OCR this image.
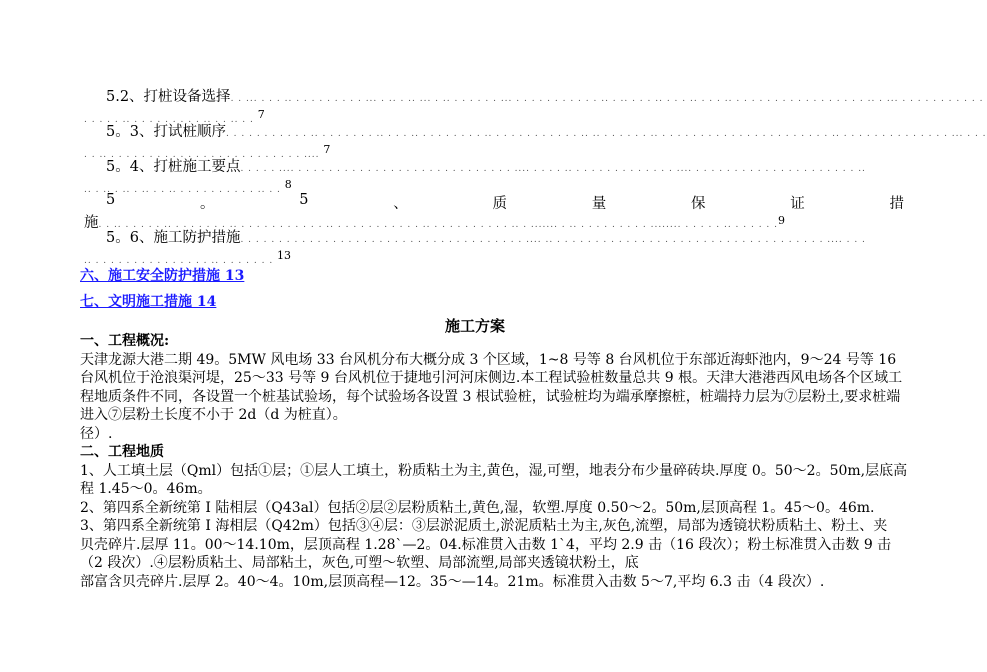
5.2、打桩设备选择. . ... . . . .. . . . . . . . . . ... . .. . .. ... . .. . . . . . . ... . . . . . . . . . . . .. . .. . . . .. . . . .. . . . .. . . . . . . . . . . . . . . . . . .. . ... . . . . . . . . . . .
. . . . . .. . . . . . . . . . .. . . .. . . 7
5。3、打试桩顺序. . . . . . . . . . . .. . . . . . . . .. . . . .. . . . . . . . . .. . . . . . . . . . . . .. .. . . . . . . .. . . . . . . . . . . . . . . . . . . . . . . .. . . . . . . . . . . . . . . ... . . .
. . .. . . . . . . . . . . . . . . . . . . . . . . . . . .... 7
5。4、打桩施工要点. . . . . .... . . . . . . . . . . . . . . . . . . . . . . . . . . . . .... . . . . .. . . . . . . . . . . . . . .... . . . . . . . . . . . . . . . . . . . . . ..
.. . .. . .. . .. . . .. . . . . . . . . . . .. . . 8
5	。	5	、	质	量	保	证	措
施. . .. . . . . . .. . . . . . . . .. . . . . . . . . . . . .. . . . . . . . . . . . .. . . . . . . . . . . .. . ....... . .. . . . . . . . . . ........ . . . . . .. . . . . . .$^9$
5。6、施工防护措施. . . . . . . . . . . . . . . . . . . . . . . . . . . . . . . . . . . . . .... .. . . . . . . . . . . . . . . . . . . . . . . . . . . . . . . . . . . . .... . . .
.. . . . . . . . . . . . . . . . .. . . . . . . . 13
六、施工安全防护措施 13
七、文明施工措施 14
施工方案

一、工程概况:

天津龙源大港二期 49。5MW 风电场 33 台风机分布大概分成 3 个区域，1~8 号等 8 台风机位于东部近海虾池内，9～24 号等 16 台风机位于沧浪渠河堤，25～33 号等 9 台风机位于捷地引河河床侧边.本工程试验桩数量总共 9 根。天津大港港西风电场各个区域工程地质条件不同，各设置一个桩基试验场，每个试验场各设置 3 根试验桩，试验桩均为端承摩擦桩，桩端持力层为⑦层粉土,要求桩端进入⑦层粉土长度不小于 2d（d 为桩直）。

径）.

二、工程地质

1、人工填土层（Qml）包括①层；①层人工填土，粉质粘土为主,黄色，湿,可塑，地表分布少量碎砖块.厚度 0。50～2。50m,层底高程 1.45～0。46m。

2、第四系全新统第 I 陆相层（Q43al）包括②层②层粉质粘土,黄色,湿，软塑.厚度 0.50～2。50m,层顶高程 1。45～0。46m.

3、第四系全新统第 I 海相层（Q42m）包括③④层：③层淤泥质土,淤泥质粘土为主,灰色,流塑，局部为透镜状粉质粘土、粉土、夹

贝壳碎片.层厚 11。00～14.10m，层顶高程 1.28`—2。04.标准贯入击数 1`4，平均 2.9 击（16 段次）；粉土标准贯入击数 9 击（2 段次）.④层粉质粘土、局部粘土，灰色,可塑～软塑、局部流塑,局部夹透镜状粉土，底

部富含贝壳碎片.层厚 2。40～4。10m,层顶高程—12。35～—14。21m。标准贯入击数 5～7,平均 6.3 击（4 段次）.
